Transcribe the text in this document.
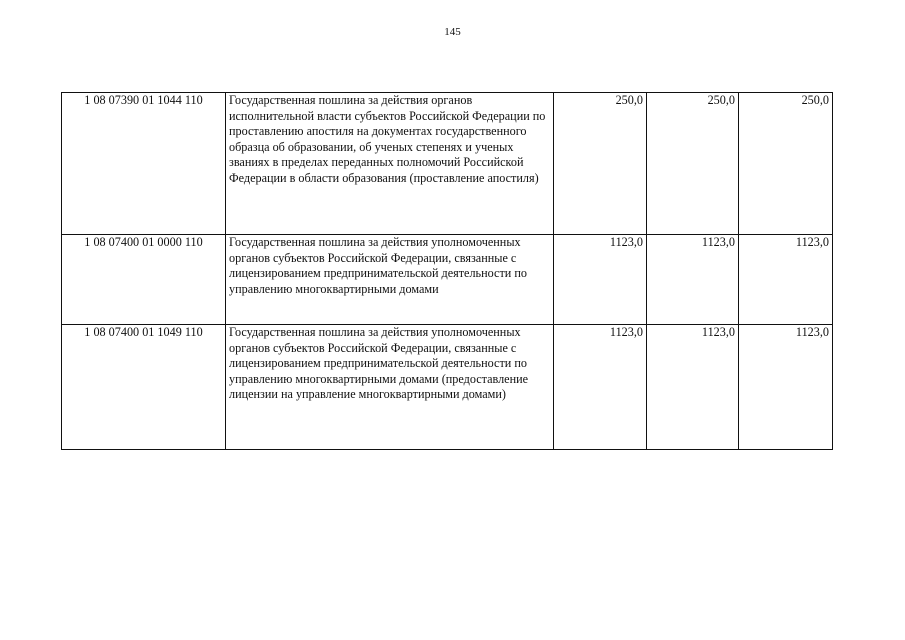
145
1 08 07390 01 1044 110	Государственная пошлина за действия органов исполнительной власти субъектов Российской Федерации по проставлению апостиля на документах государственного образца об образовании, об ученых степенях и ученых званиях в пределах переданных полномочий Российской Федерации в области образования (проставление апостиля)	250,0	250,0	250,0
1 08 07400 01 0000 110	Государственная пошлина за действия уполномоченных органов субъектов Российской Федерации, связанные с лицензированием предпринимательской деятельности по управлению многоквартирными домами	1123,0	1123,0	1123,0
1 08 07400 01 1049 110	Государственная пошлина за действия уполномоченных органов субъектов Российской Федерации, связанные с лицензированием предпринимательской деятельности по управлению многоквартирными домами (предоставление лицензии на управление многоквартирными домами)	1123,0	1123,0	1123,0
